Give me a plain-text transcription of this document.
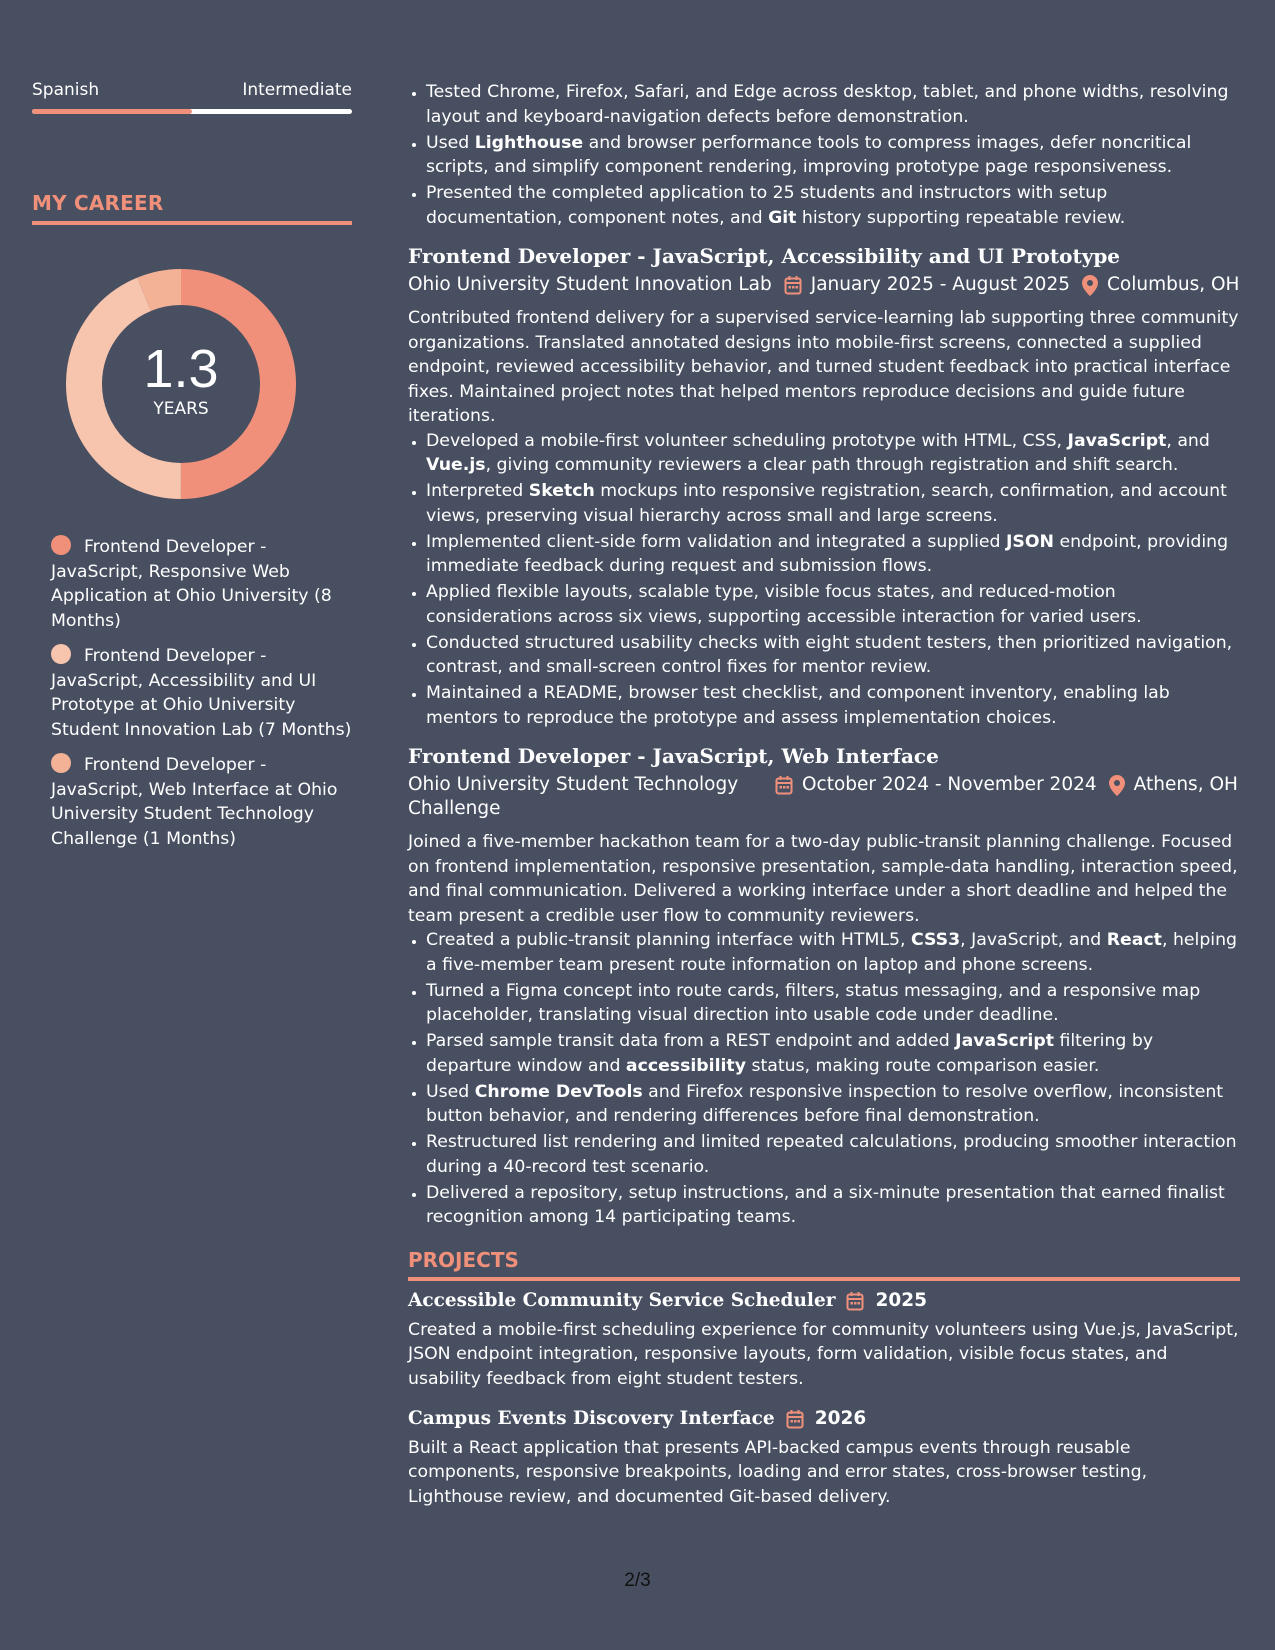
Spanish	Intermediate
MY CAREER
1.3
YEARS
Frontend Developer - JavaScript, Responsive Web Application at Ohio University (8 Months)
Frontend Developer - JavaScript, Accessibility and UI Prototype at Ohio University Student Innovation Lab (7 Months)
Frontend Developer - JavaScript, Web Interface at Ohio University Student Technology Challenge (1 Months)
• Tested Chrome, Firefox, Safari, and Edge across desktop, tablet, and phone widths, resolving layout and keyboard-navigation defects before demonstration.
• Used Lighthouse and browser performance tools to compress images, defer noncritical scripts, and simplify component rendering, improving prototype page responsiveness.
• Presented the completed application to 25 students and instructors with setup documentation, component notes, and Git history supporting repeatable review.
Frontend Developer - JavaScript, Accessibility and UI Prototype
Ohio University Student Innovation Lab January 2025 - August 2025 Columbus, OH
Contributed frontend delivery for a supervised service-learning lab supporting three community organizations. Translated annotated designs into mobile-first screens, connected a supplied endpoint, reviewed accessibility behavior, and turned student feedback into practical interface fixes. Maintained project notes that helped mentors reproduce decisions and guide future iterations.
• Developed a mobile-first volunteer scheduling prototype with HTML, CSS, JavaScript, and Vue.js, giving community reviewers a clear path through registration and shift search.
• Interpreted Sketch mockups into responsive registration, search, confirmation, and account views, preserving visual hierarchy across small and large screens.
• Implemented client-side form validation and integrated a supplied JSON endpoint, providing immediate feedback during request and submission flows.
• Applied flexible layouts, scalable type, visible focus states, and reduced-motion considerations across six views, supporting accessible interaction for varied users.
• Conducted structured usability checks with eight student testers, then prioritized navigation, contrast, and small-screen control fixes for mentor review.
• Maintained a README, browser test checklist, and component inventory, enabling lab mentors to reproduce the prototype and assess implementation choices.
Frontend Developer - JavaScript, Web Interface
Ohio University Student Technology Challenge
October 2024 - November 2024 Athens, OH
Joined a five-member hackathon team for a two-day public-transit planning challenge. Focused on frontend implementation, responsive presentation, sample-data handling, interaction speed, and final communication. Delivered a working interface under a short deadline and helped the team present a credible user flow to community reviewers.
• Created a public-transit planning interface with HTML5, CSS3, JavaScript, and React, helping a five-member team present route information on laptop and phone screens.
• Turned a Figma concept into route cards, filters, status messaging, and a responsive map placeholder, translating visual direction into usable code under deadline.
• Parsed sample transit data from a REST endpoint and added JavaScript filtering by departure window and accessibility status, making route comparison easier.
• Used Chrome DevTools and Firefox responsive inspection to resolve overflow, inconsistent button behavior, and rendering differences before final demonstration.
• Restructured list rendering and limited repeated calculations, producing smoother interaction during a 40-record test scenario.
• Delivered a repository, setup instructions, and a six-minute presentation that earned finalist recognition among 14 participating teams.
PROJECTS
Accessible Community Service Scheduler 2025
Created a mobile-first scheduling experience for community volunteers using Vue.js, JavaScript, JSON endpoint integration, responsive layouts, form validation, visible focus states, and usability feedback from eight student testers.
Campus Events Discovery Interface 2026
Built a React application that presents API-backed campus events through reusable components, responsive breakpoints, loading and error states, cross-browser testing, Lighthouse review, and documented Git-based delivery.
2/3
